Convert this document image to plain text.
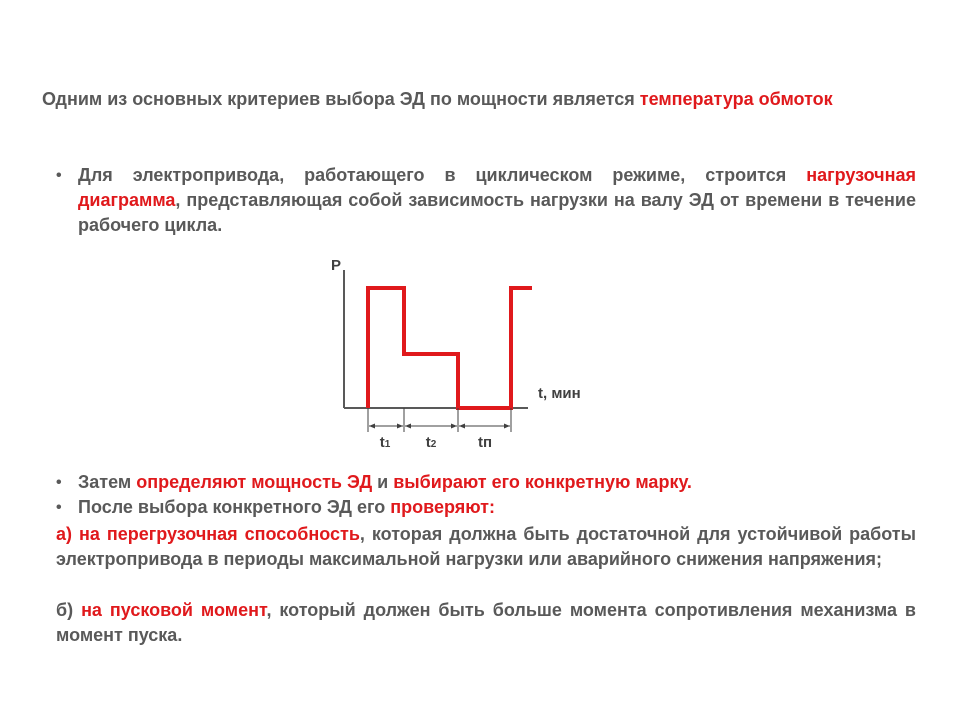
Одним из основных критериев выбора ЭД по мощности является температура обмоток
• Для электропривода, работающего в циклическом режиме, строится нагрузочная диаграмма, представляющая собой зависимость нагрузки на валу ЭД от времени в течение рабочего цикла.
P
t, мин
t1 t2	tп
• Затем определяют мощность ЭД и выбирают его конкретную марку.
• После выбора конкретного ЭД его проверяют:
а) на перегрузочная способность, которая должна быть достаточной для устойчивой работы электропривода в периоды максимальной нагрузки или аварийного снижения напряжения;
б) на пусковой момент, который должен быть больше момента сопротивления механизма в момент пуска.
